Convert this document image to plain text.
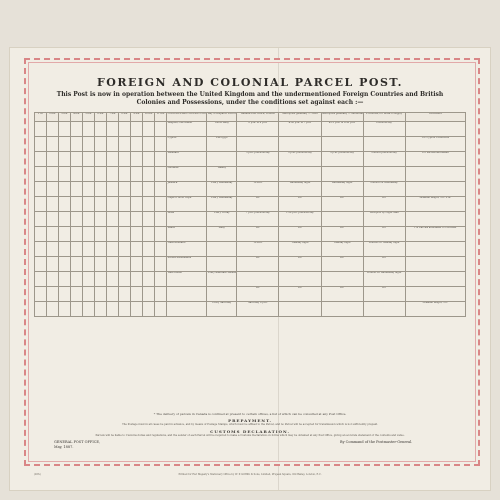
FOREIGN AND COLONIAL PARCEL POST.
This Post is now in operation between the United Kingdom and the undermentioned Foreign Countries and British Colonies and Possessions, under the conditions set against each :—
1 lb.	2 lbs.	3 lbs.	4 lbs.	5 lbs.	6 lbs.	7 lbs.	8 lbs.	9 lbs.	10 lbs.	11 lbs.	COLONIES and FOREIGN COU	Day of Dispatch from U	General Post Office, London	Metropolis generally — Town	Metropolis generally — Suburban	Provinces, for those to supply	REMARKS
											Belgium, via Ostend	Twice Daily	6 p.m. & 9 p.m.	4.30 p.m. & 7 p.m.	4.15 p.m. & 6.30 p.m.	Previous day	
											Cyprus	Via Egypt					For Cyprus Conditions
											Denmark		5 p.m. previous day	3 p.m. previous day	3 p.m. previous day	London previous day	For Parcels addressed
											Gibraltar	Weekly					
											Jamaica	Every Wednesday	10 a.m.	Wednesday night	Wednesday night	London on Wednesday	
											Cape of Good Hope	Every Wednesday	Do.	Do.	Do.	Do.	Greatest length, 3 ft. 6 in.
											India	Every Friday	7 p.m. previous day	1.30 p.m. previous day		Liverpool by Night Mail	
											Malta	Daily	Do.	Do.	Do.	Do.	For Parcels addressed to CANADA
											Newfoundland		10 a.m.	Tuesday night	Tuesday night	London on Tuesday night	
											Straits Settlements		Do.	Do.	Do.	Do.	
											West Indies	Every alternate Wednes				London on Wednesday night	
													Do.	Do.	Do.	Do.	
												Every Saturday	Saturday 9 p.m.				Greatest length, 3 ft.
* The delivery of parcels in Canada is confined at present to certain offices, a list of which can be consulted at any Post Office.
PREPAYMENT.
The Postage must in all cases be paid in advance, and by means of Postage Stamps, which must be affixed to the Parcel, and no Parcel will be accepted for transmission which is not sufficiently prepaid.
CUSTOMS DECLARATION.
Parcels will be liable to Customs duties and regulations, and the sender of each Parcel will be required to make a Customs Declaration on forms which may be obtained at any Post Office, giving an accurate statement of the contents and value.
GENERAL POST OFFICE,
May, 1887.
By Command of the Postmaster-General.
(266.)	Printed for Her Majesty's Stationery Office by W. P. Griffith & Sons, Limited, Prujean Square, Old Bailey, London, E.C.
